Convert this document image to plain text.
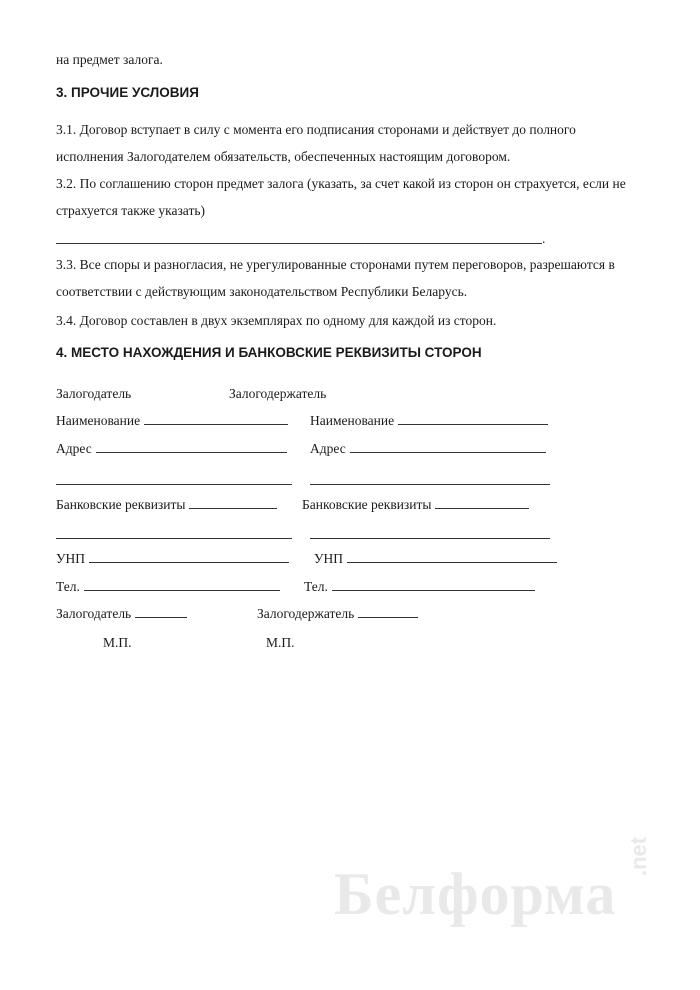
на предмет залога.
3. ПРОЧИЕ УСЛОВИЯ
3.1. Договор вступает в силу с момента его подписания сторонами и действует до полного
исполнения Залогодателем обязательств, обеспеченных настоящим договором.
3.2. По соглашению сторон предмет залога (указать, за счет какой из сторон он страхуется, если не
страхуется также указать)
.
3.3. Все споры и разногласия, не урегулированные сторонами путем переговоров, разрешаются в
соответствии с действующим законодательством Республики Беларусь.
3.4. Договор составлен в двух экземплярах по одному для каждой из сторон.
4. МЕСТО НАХОЖДЕНИЯ И БАНКОВСКИЕ РЕКВИЗИТЫ СТОРОН
Залогодатель	Залогодержатель
Наименование	Наименование
Адрес	Адрес
Банковские реквизиты	Банковские реквизиты
УНП	УНП
Тел.	Тел.
Залогодатель	Залогодержатель
М.П.	М.П.
Белформа
.net
